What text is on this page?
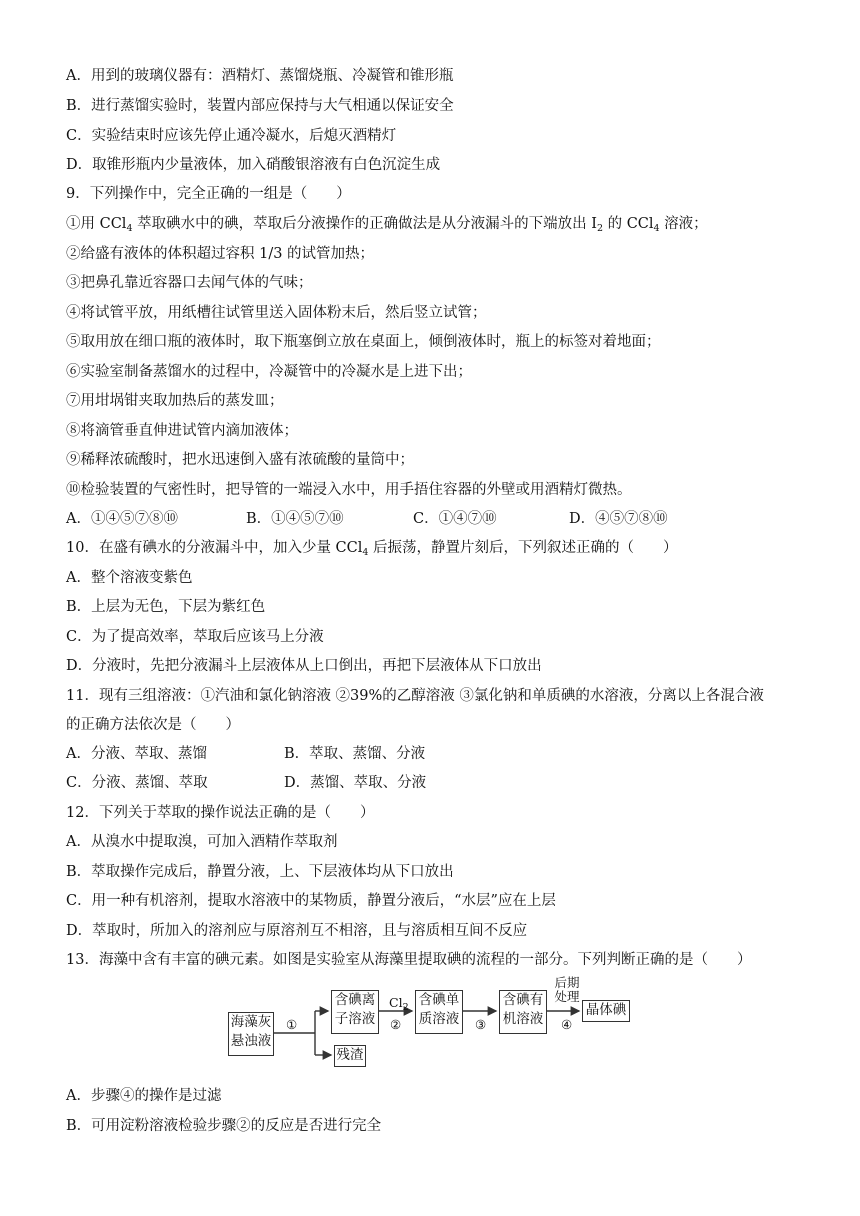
A．用到的玻璃仪器有：酒精灯、蒸馏烧瓶、冷凝管和锥形瓶
B．进行蒸馏实验时，装置内部应保持与大气相通以保证安全
C．实验结束时应该先停止通冷凝水，后熄灭酒精灯
D．取锥形瓶内少量液体，加入硝酸银溶液有白色沉淀生成
9．下列操作中，完全正确的一组是（　　）
①用 CCl$_4$ 萃取碘水中的碘，萃取后分液操作的正确做法是从分液漏斗的下端放出 $I_2$ 的 CCl$_4$ 溶液；
②给盛有液体的体积超过容积 1/3 的试管加热；
③把鼻孔靠近容器口去闻气体的气味；
④将试管平放，用纸槽往试管里送入固体粉末后，然后竖立试管；
⑤取用放在细口瓶的液体时，取下瓶塞倒立放在桌面上，倾倒液体时，瓶上的标签对着地面；
⑥实验室制备蒸馏水的过程中，冷凝管中的冷凝水是上进下出；
⑦用坩埚钳夹取加热后的蒸发皿；
⑧将滴管垂直伸进试管内滴加液体；
⑨稀释浓硫酸时，把水迅速倒入盛有浓硫酸的量筒中；
⑩检验装置的气密性时，把导管的一端浸入水中，用手捂住容器的外壁或用酒精灯微热。
A．①④⑤⑦⑧⑩	B．①④⑤⑦⑩	C．①④⑦⑩	D．④⑤⑦⑧⑩
10．在盛有碘水的分液漏斗中，加入少量 CCl$_4$ 后振荡，静置片刻后，下列叙述正确的（　　）
A．整个溶液变紫色
B．上层为无色，下层为紫红色
C．为了提高效率，萃取后应该马上分液
D．分液时，先把分液漏斗上层液体从上口倒出，再把下层液体从下口放出
11．现有三组溶液：①汽油和氯化钠溶液 ②39%的乙醇溶液 ③氯化钠和单质碘的水溶液，分离以上各混合液
的正确方法依次是（　　）
A．分液、萃取、蒸馏	B．萃取、蒸馏、分液
C．分液、蒸馏、萃取	D．蒸馏、萃取、分液
12．下列关于萃取的操作说法正确的是（　　）
A．从溴水中提取溴，可加入酒精作萃取剂
B．萃取操作完成后，静置分液，上、下层液体均从下口放出
C．用一种有机溶剂，提取水溶液中的某物质，静置分液后，“水层”应在上层
D．萃取时，所加入的溶剂应与原溶剂互不相溶，且与溶质相互间不反应
13．海藻中含有丰富的碘元素。如图是实验室从海藻里提取碘的流程的一部分。下列判断正确的是（　　）
海藻灰悬浊液
①
含碘离子溶液
残渣
$Cl_2$
②
含碘单质溶液	③
含碘有机溶液
后期处理
④
晶体碘
A．步骤④的操作是过滤
B．可用淀粉溶液检验步骤②的反应是否进行完全
